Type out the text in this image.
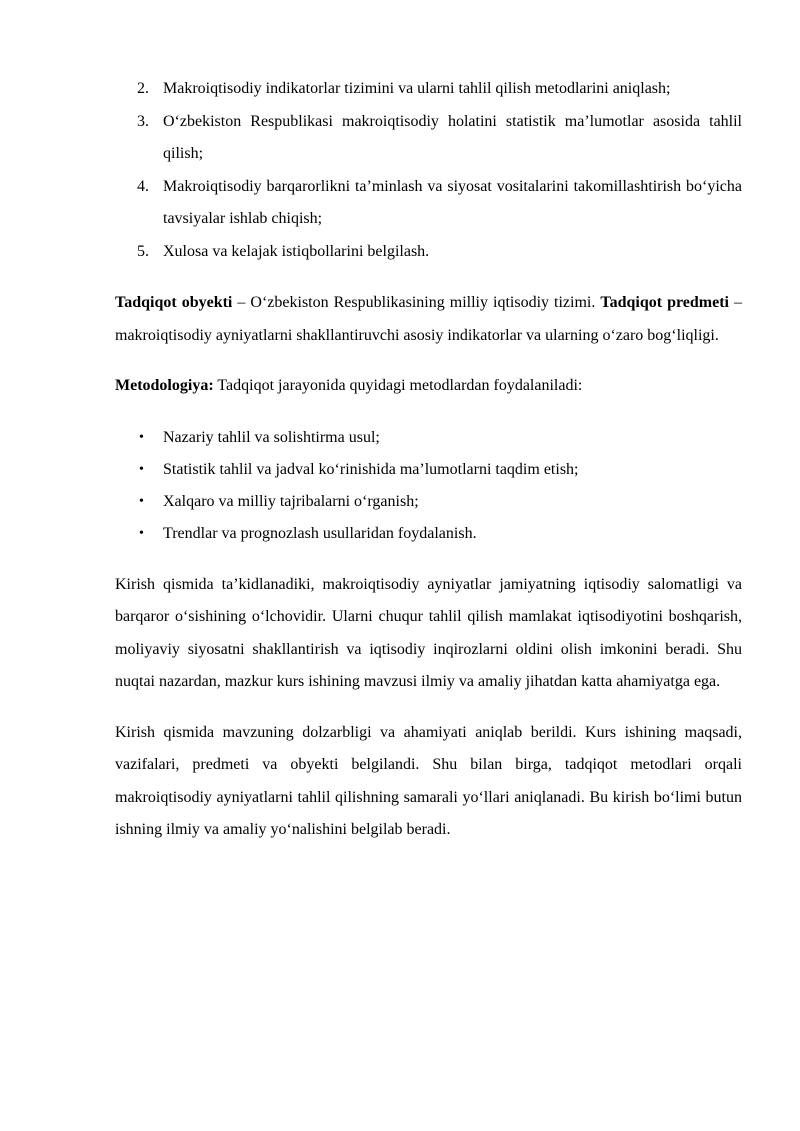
2. Makroiqtisodiy indikatorlar tizimini va ularni tahlil qilish metodlarini aniqlash;
3. O‘zbekiston Respublikasi makroiqtisodiy holatini statistik ma’lumotlar asosida tahlil qilish;
4. Makroiqtisodiy barqarorlikni ta’minlash va siyosat vositalarini takomillashtirish bo‘yicha tavsiyalar ishlab chiqish;
5. Xulosa va kelajak istiqbollarini belgilash.

Tadqiqot obyekti – O‘zbekiston Respublikasining milliy iqtisodiy tizimi. Tadqiqot predmeti – makroiqtisodiy ayniyatlarni shakllantiruvchi asosiy indikatorlar va ularning o‘zaro bog‘liqligi.

Metodologiya: Tadqiqot jarayonida quyidagi metodlardan foydalaniladi:

• Nazariy tahlil va solishtirma usul;
• Statistik tahlil va jadval ko‘rinishida ma’lumotlarni taqdim etish;
• Xalqaro va milliy tajribalarni o‘rganish;
• Trendlar va prognozlash usullaridan foydalanish.

Kirish qismida ta’kidlanadiki, makroiqtisodiy ayniyatlar jamiyatning iqtisodiy salomatligi va barqaror o‘sishining o‘lchovidir. Ularni chuqur tahlil qilish mamlakat iqtisodiyotini boshqarish, moliyaviy siyosatni shakllantirish va iqtisodiy inqirozlarni oldini olish imkonini beradi. Shu nuqtai nazardan, mazkur kurs ishining mavzusi ilmiy va amaliy jihatdan katta ahamiyatga ega.

Kirish qismida mavzuning dolzarbligi va ahamiyati aniqlab berildi. Kurs ishining maqsadi, vazifalari, predmeti va obyekti belgilandi. Shu bilan birga, tadqiqot metodlari orqali makroiqtisodiy ayniyatlarni tahlil qilishning samarali yo‘llari aniqlanadi. Bu kirish bo‘limi butun ishning ilmiy va amaliy yo‘nalishini belgilab beradi.
